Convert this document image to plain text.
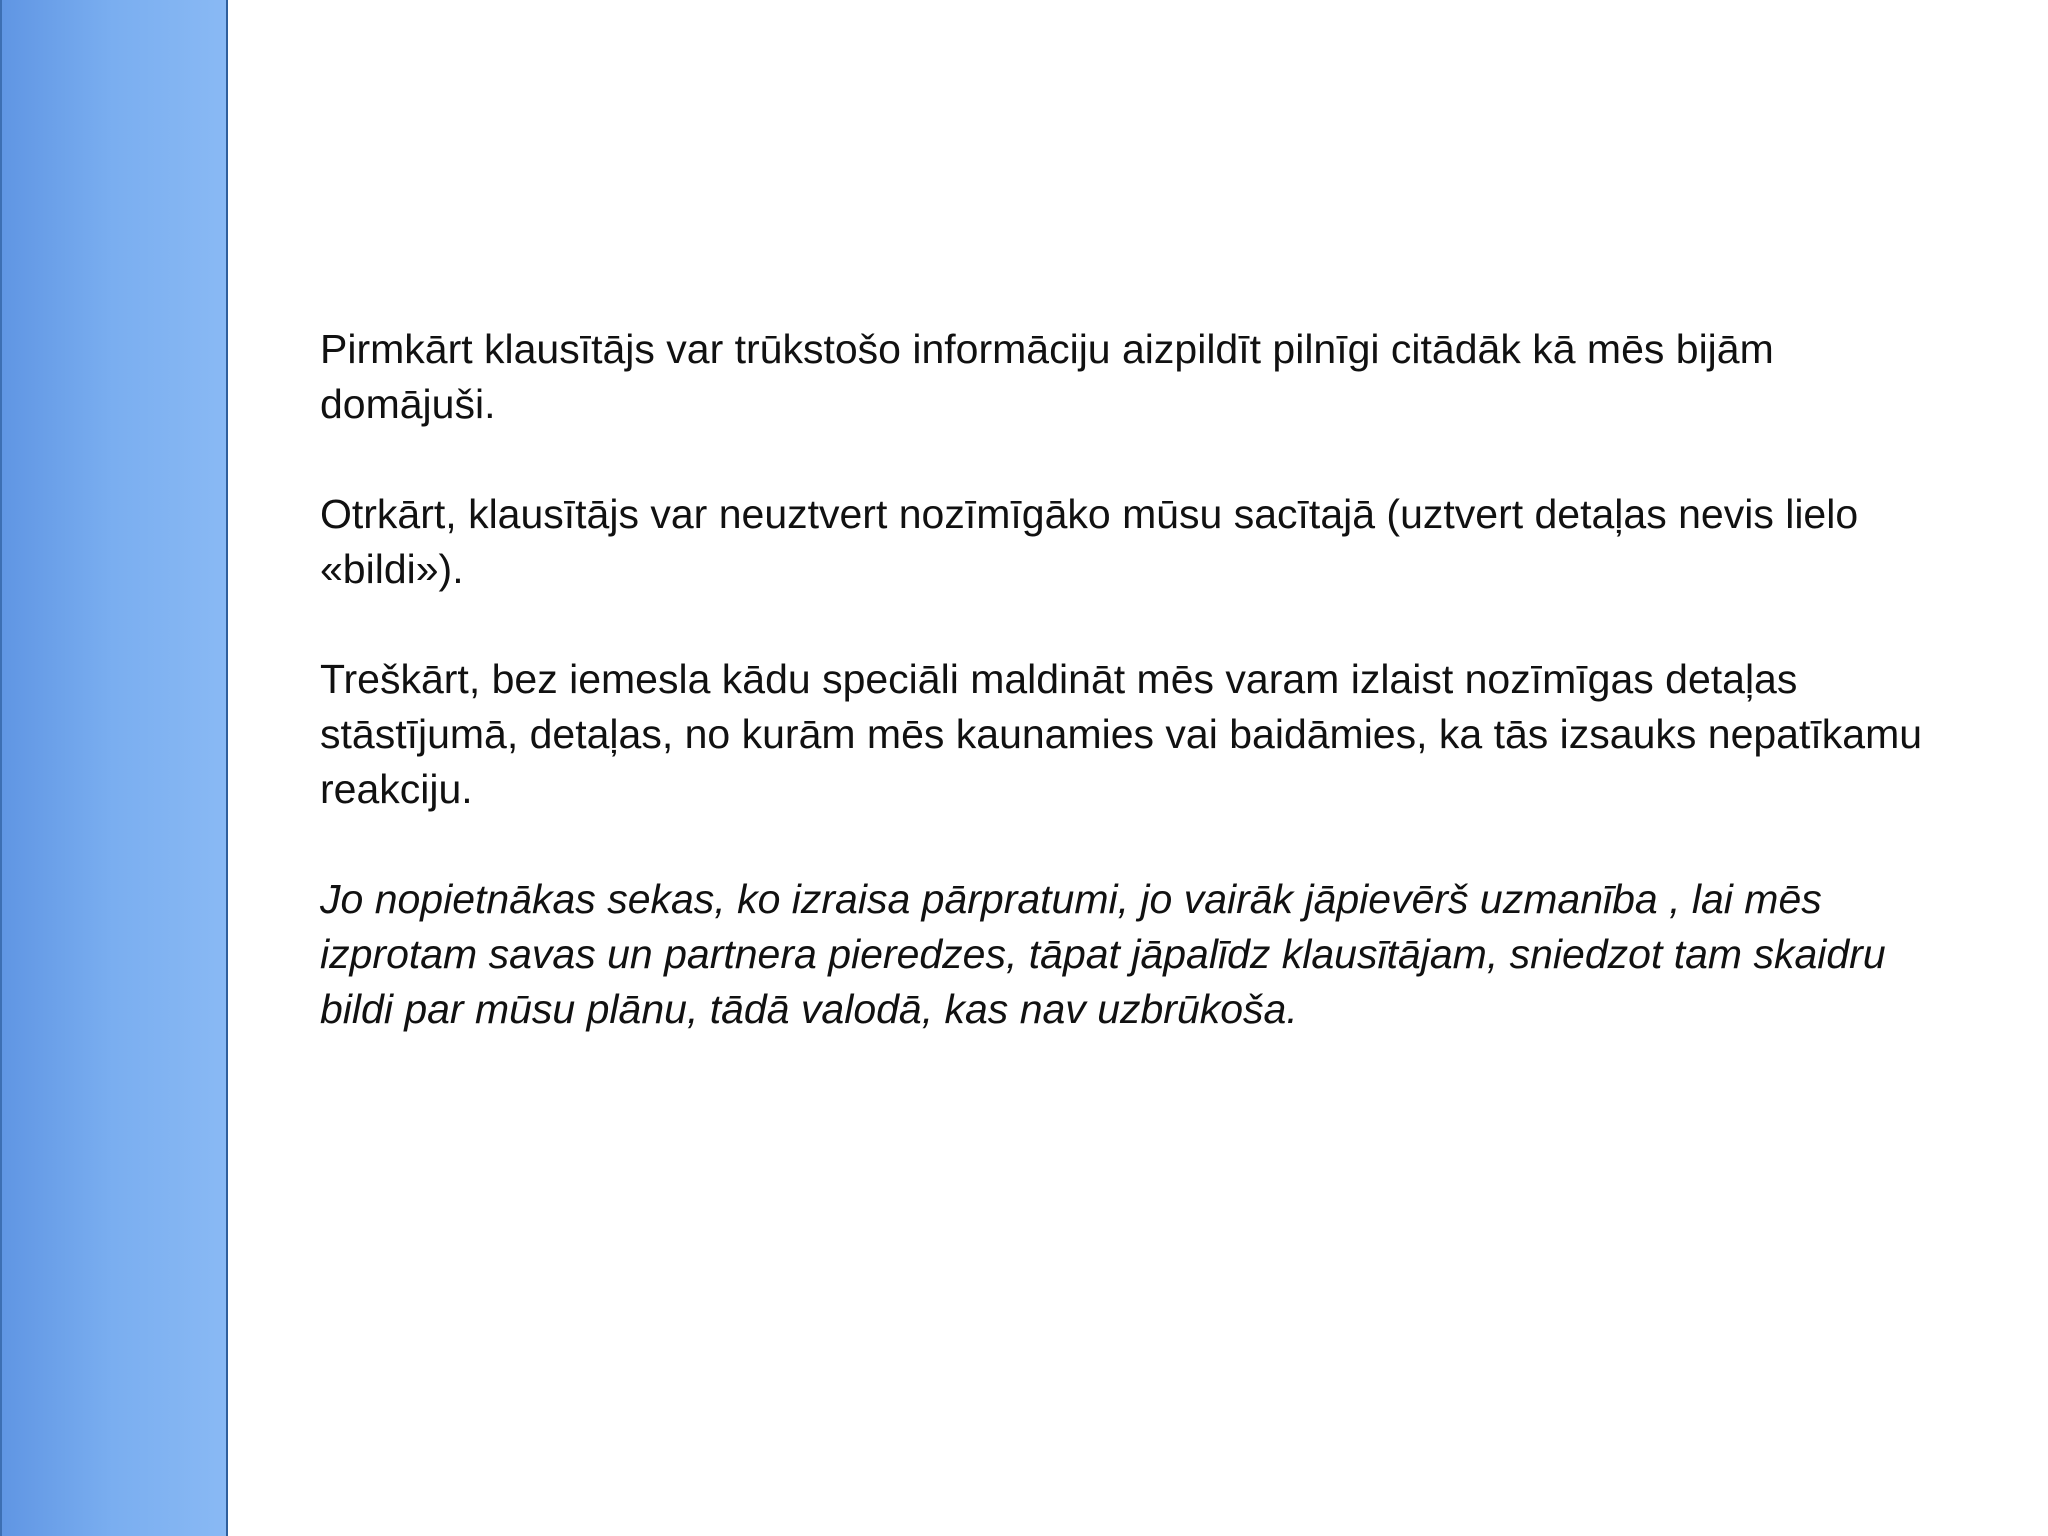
Pirmkārt klausītājs var trūkstošo informāciju aizpildīt pilnīgi citādāk kā mēs bijām domājuši.

Otrkārt, klausītājs var neuztvert nozīmīgāko mūsu sacītajā (uztvert detaļas nevis lielo «bildi»).

Treškārt, bez iemesla kādu speciāli maldināt mēs varam izlaist nozīmīgas detaļas stāstījumā, detaļas, no kurām mēs kaunamies vai baidāmies, ka tās izsauks nepatīkamu reakciju.

Jo nopietnākas sekas, ko izraisa pārpratumi, jo vairāk jāpievērš uzmanība , lai mēs izprotam savas un partnera pieredzes, tāpat jāpalīdz klausītājam, sniedzot tam skaidru bildi par mūsu plānu, tādā valodā, kas nav uzbrūkoša.
